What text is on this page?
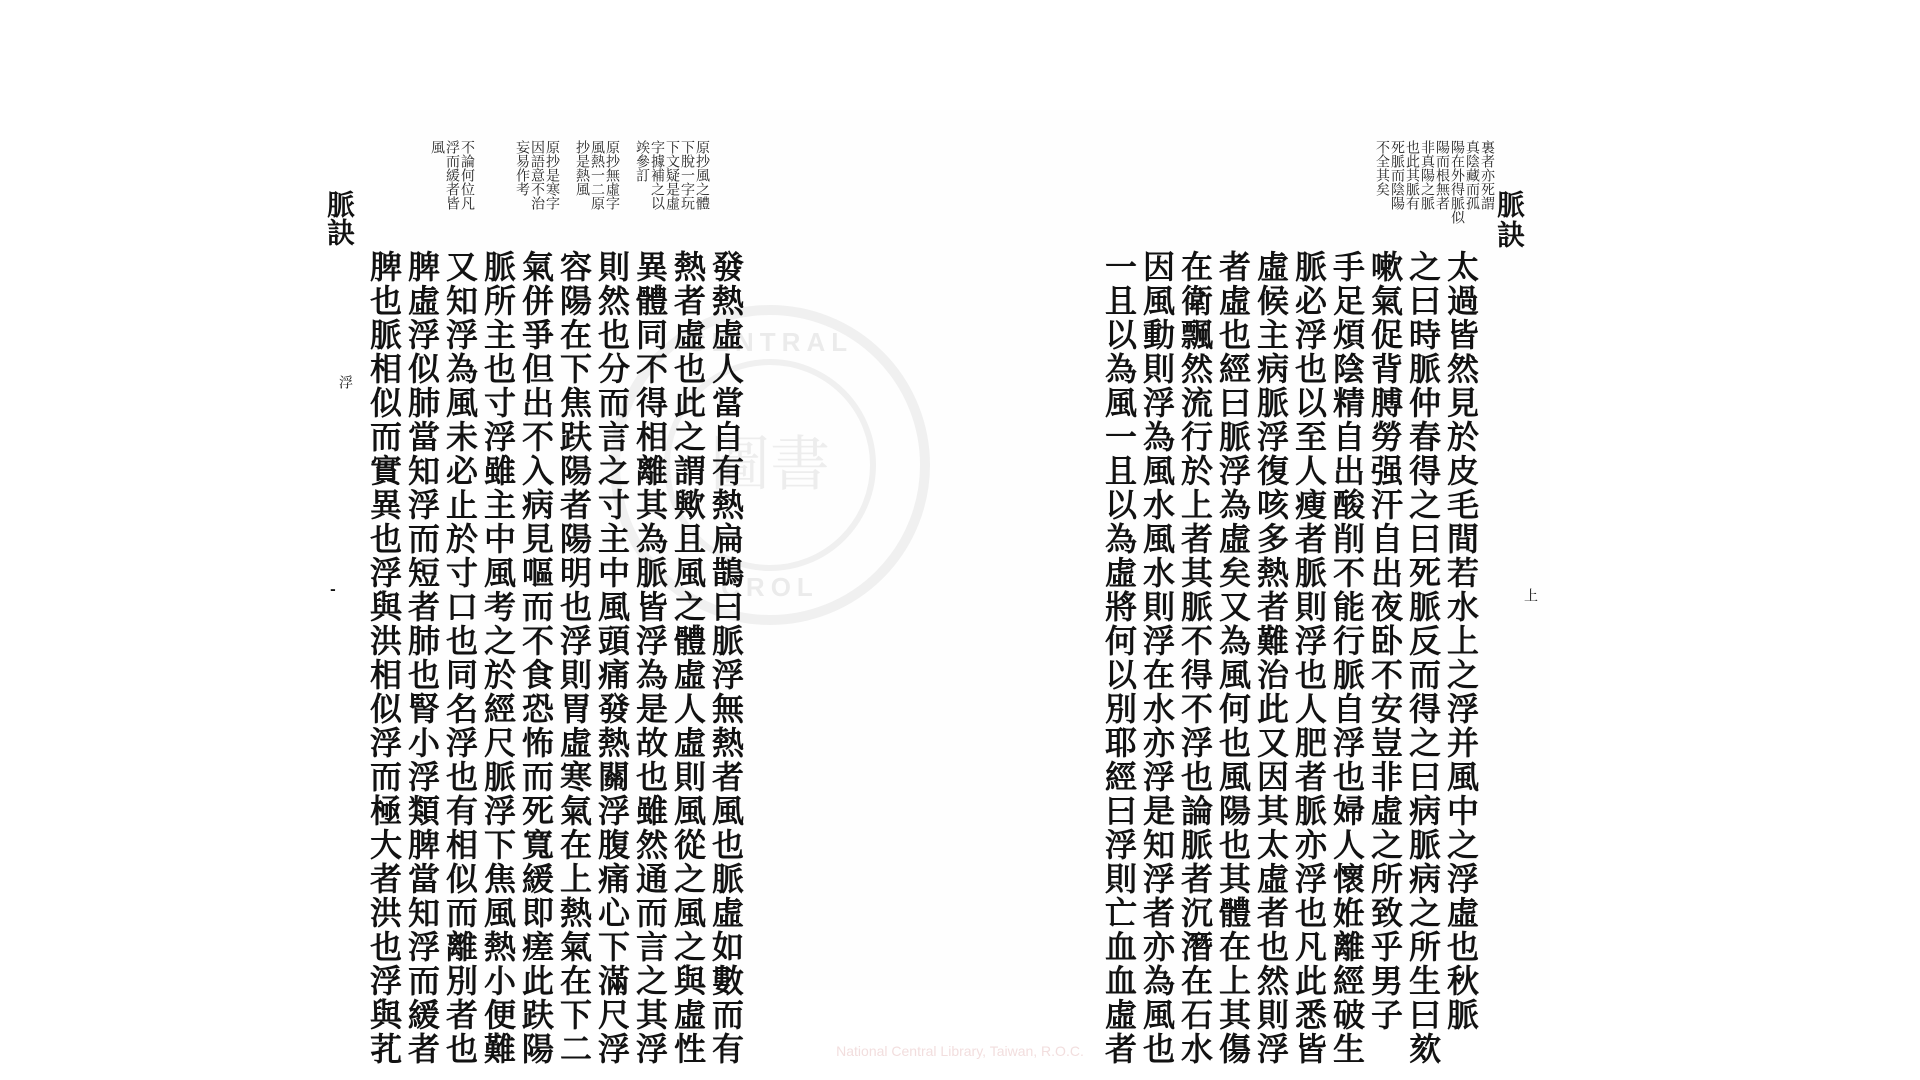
CENTRAL
圖書
CROL
發熱虛人當自有熱扁鵲曰脈浮無熱者風也脈虛如數而有
熱者虛也此之謂歟且風之體虛人虛則風從之風之與虛性
異體同不得相離其為脈皆浮為是故也雖然通而言之其浮
則然也分而言之寸主中風頭痛發熱關浮腹痛心下滿尺浮
容陽在下焦趺陽者陽明也浮則胃虛寒氣在上熱氣在下二
氣併爭但出不入病見嘔而不食恐怖而死寬緩即瘥此趺陽
脈所主也寸浮雖主中風考之於經尺脈浮下焦風熱小便難
又知浮為風未必止於寸口也同名浮也有相似而離別者也
脾虛浮似肺當知浮而短者肺也腎小浮類脾當知浮而緩者
脾也脈相似而實異也浮與洪相似浮而極大者洪也浮與芤
原抄風之體
下脫一字玩
下文疑是虛
字據補之以
竢參訂
原抄無虛字
風熱一二原
抄是熱風
原抄是寒字
因語意不治
妄易作考
不論何位凡
浮而緩者皆
風
脈訣
浮
-
脈訣
太過皆然見於皮毛間若水上之浮并風中之浮虛也秋脈
之曰時脈仲春得之曰死脈反而得之曰病脈病之所生曰欬
嗽氣促背膊勞强汗自出夜卧不安豈非虛之所致乎男子
手足煩陰精自出酸削不能行脈自浮也婦人懷姙離經破生
脈必浮也以至人瘦者脈則浮也人肥者脈亦浮也凡此悉皆
虛候主病脈浮復咳多熱者難治此又因其太虛者也然則浮
者虛也經曰脈浮為虛矣又為風何也風陽也其體在上其傷
在衛飄然流行於上者其脈不得不浮也論脈者沉潛在石水
因風動則浮為風水風水則浮在水亦浮是知浮者亦為風也
一且以為風一且以為虛將何以別耶經曰浮則亡血血虛者
裏者亦死謂
真陰藏而孤
陽在外得脈似
陽而根無者
非真陽之脈
也此其脈有
死脈而陰陽
不全其矣
上
National Central Library, Taiwan, R.O.C.
